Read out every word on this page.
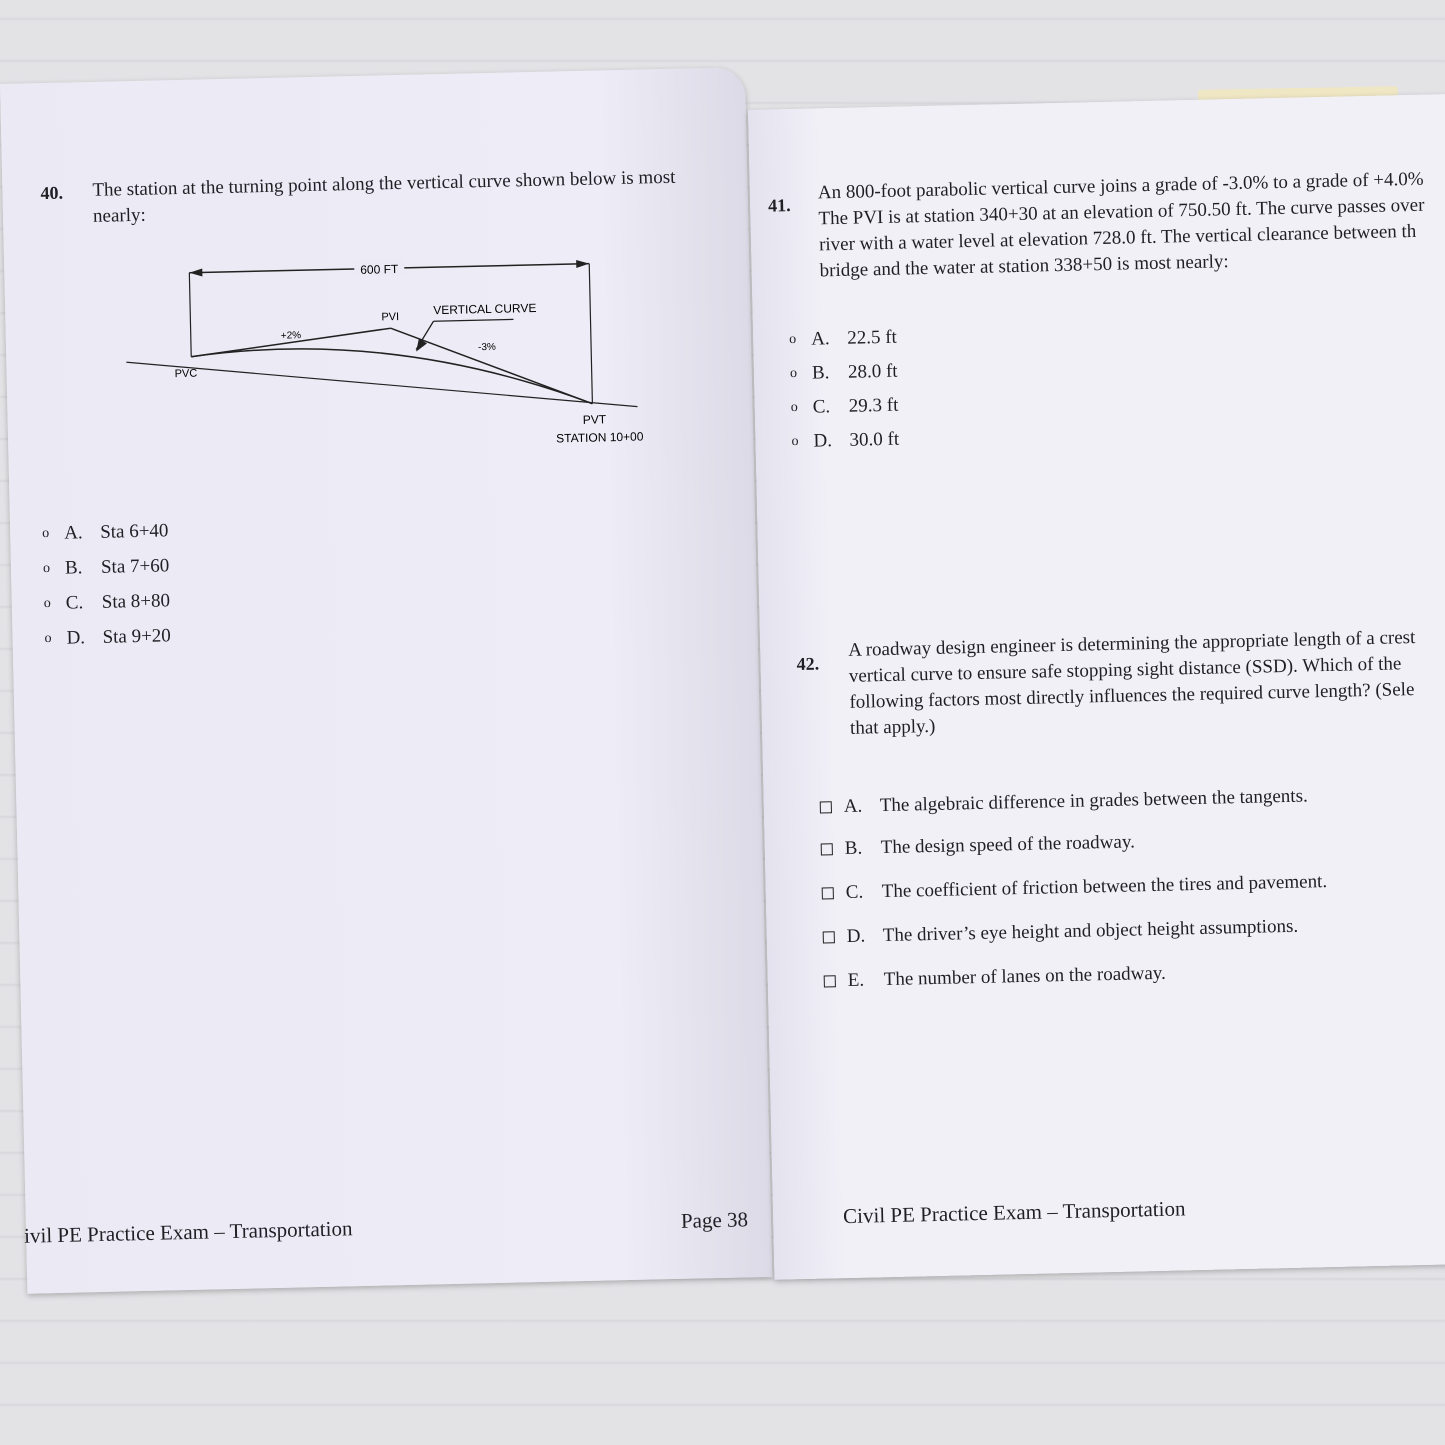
40. The station at the turning point along the vertical curve shown below is most
nearly:
600 FT
VERTICAL CURVE
PVI
+2%
-3%
PVC
PVT
STATION 10+00
o A. Sta 6+40
o B. Sta 7+60
o C. Sta 8+80
o D. Sta 9+20
ivil PE Practice Exam – Transportation	Page 38
41.
An 800-foot parabolic vertical curve joins a grade of -3.0% to a grade of +4.0%
The PVI is at station 340+30 at an elevation of 750.50 ft. The curve passes over
river with a water level at elevation 728.0 ft. The vertical clearance between th
bridge and the water at station 338+50 is most nearly:
o A. 22.5 ft
o B. 28.0 ft
o C. 29.3 ft
o D. 30.0 ft
42.
A roadway design engineer is determining the appropriate length of a crest
vertical curve to ensure safe stopping sight distance (SSD). Which of the
following factors most directly influences the required curve length? (Sele
that apply.)
A. The algebraic difference in grades between the tangents.
B. The design speed of the roadway.
C. The coefficient of friction between the tires and pavement.
D. The driver’s eye height and object height assumptions.
E.	The number of lanes on the roadway.
Civil PE Practice Exam – Transportation
